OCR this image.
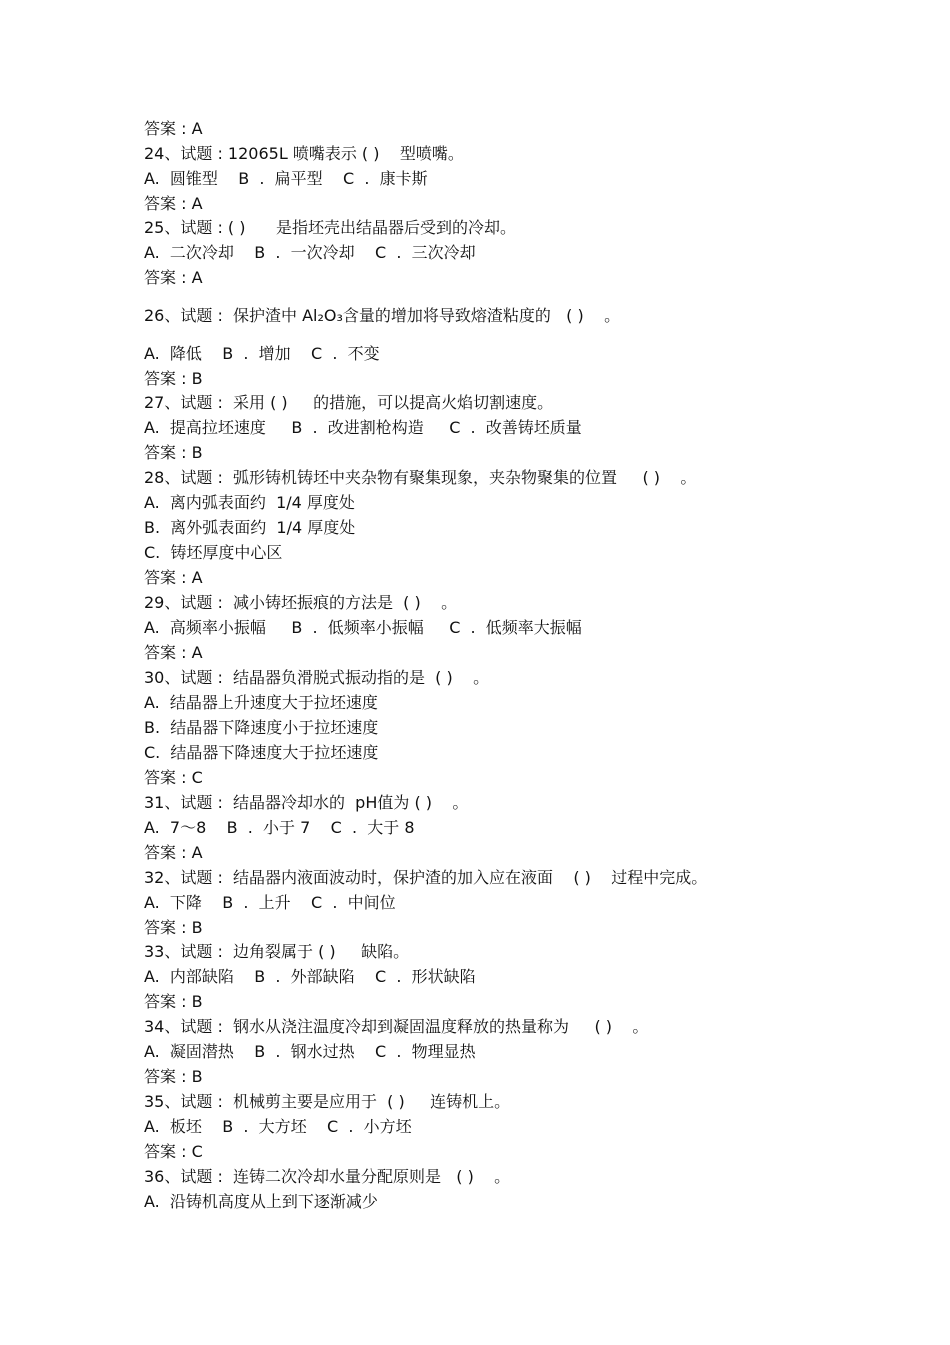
答案 : A
24、试题 : 12065L 喷嘴表示 ( )    型喷嘴。
A.  圆锥型    B  .  扁平型    C  .  康卡斯
答案 : A
25、试题 : ( )      是指坯壳出结晶器后受到的冷却。
A.  二次冷却    B  .  一次冷却    C  .  三次冷却
答案 : A
26、试题 :  保护渣中 Al₂O₃含量的增加将导致熔渣粘度的   ( )    。
A.  降低    B  .  增加    C  .  不变
答案 : B
27、试题 :  采用 ( )     的措施，可以提高火焰切割速度。
A.  提高拉坯速度     B  .  改进割枪构造     C  .  改善铸坯质量
答案 : B
28、试题 :  弧形铸机铸坯中夹杂物有聚集现象，夹杂物聚集的位置     ( )    。
A.  离内弧表面约  1/4 厚度处
B.  离外弧表面约  1/4 厚度处
C.  铸坯厚度中心区
答案 : A
29、试题 :  减小铸坯振痕的方法是  ( )    。
A.  高频率小振幅     B  .  低频率小振幅     C  .  低频率大振幅
答案 : A
30、试题 :  结晶器负滑脱式振动指的是  ( )    。
A.  结晶器上升速度大于拉坯速度
B.  结晶器下降速度小于拉坯速度
C.  结晶器下降速度大于拉坯速度
答案 : C
31、试题 :  结晶器冷却水的  pH值为 ( )    。
A.  7～8    B  .  小于 7    C  .  大于 8
答案 : A
32、试题 :  结晶器内液面波动时，保护渣的加入应在液面    ( )    过程中完成。
A.  下降    B  .  上升    C  .  中间位
答案 : B
33、试题 :  边角裂属于 ( )     缺陷。
A.  内部缺陷    B  .  外部缺陷    C  .  形状缺陷
答案 : B
34、试题 :  钢水从浇注温度冷却到凝固温度释放的热量称为     ( )    。
A.  凝固潜热    B  .  钢水过热    C  .  物理显热
答案 : B
35、试题 :  机械剪主要是应用于  ( )     连铸机上。
A.  板坯    B  .  大方坯    C  .  小方坯
答案 : C
36、试题 :  连铸二次冷却水量分配原则是   ( )    。
A.  沿铸机高度从上到下逐渐减少
